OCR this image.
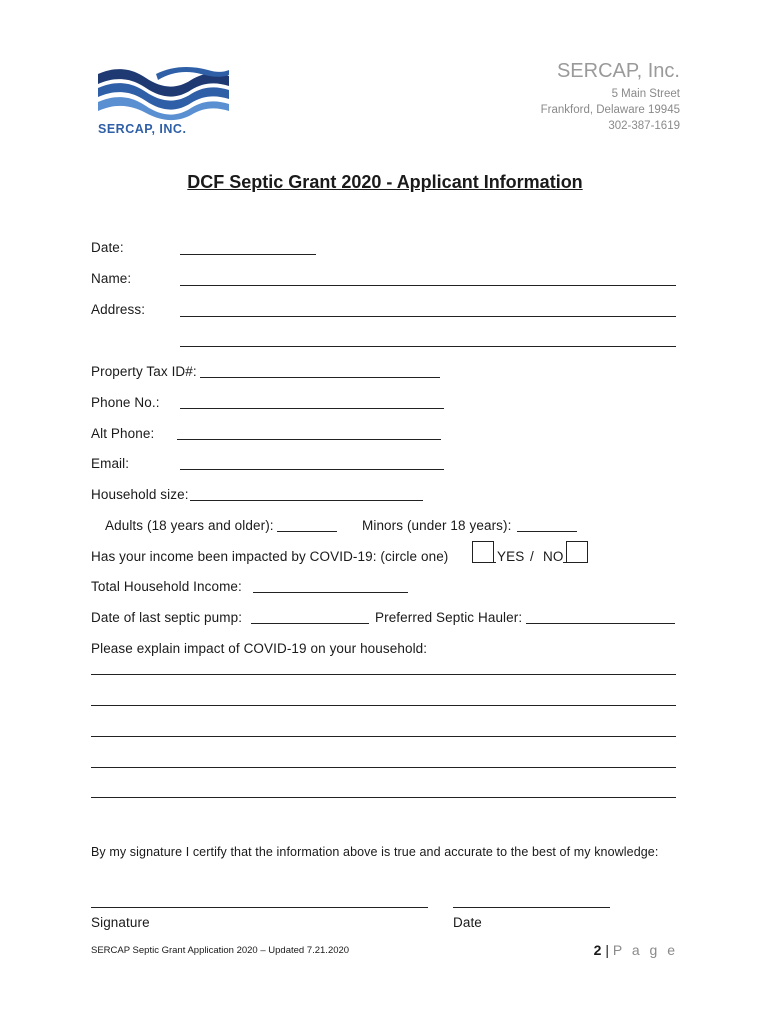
SERCAP, INC.
SERCAP, Inc.
5 Main Street
Frankford, Delaware 19945
302-387-1619
DCF Septic Grant 2020 - Applicant Information
Date:
Name:
Address:
Property Tax ID#:
Phone No.:
Alt Phone:
Email:
Household size:
Adults (18 years and older):	Minors (under 18 years):
Has your income been impacted by COVID-19: (circle one)	YES / NO
Total Household Income:
Date of last septic pump:	Preferred Septic Hauler:
Please explain impact of COVID-19 on your household:
By my signature I certify that the information above is true and accurate to the best of my knowledge:
Signature	Date
SERCAP Septic Grant Application 2020 – Updated 7.21.2020	2 | P a g e
